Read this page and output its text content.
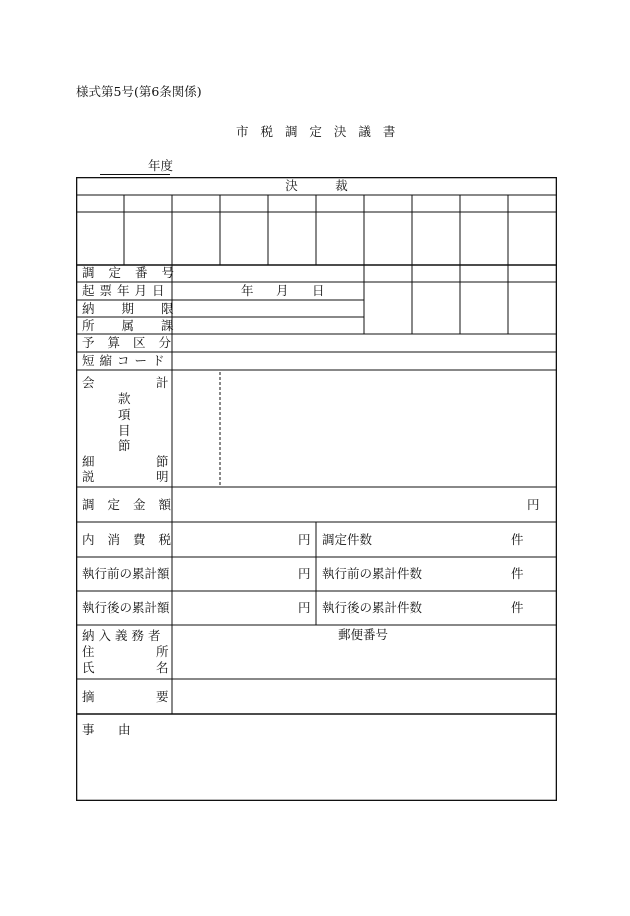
様式第5号(第6条関係)
市 税 調 定 決 議 書
年度
決　　　裁
調定番号
起票年月日	年 月 日
納期限
所属課
予算区分
短縮コード
会	計
款
項
目
節
細	節
説	明
調定金額	円
内消費税	円 調定件数	件
執行前の累計額	円 執行前の累計件数	件
執行後の累計額	円 執行後の累計件数	件
納入義務者
住	所
氏	名
郵便番号
摘	要
事 由
